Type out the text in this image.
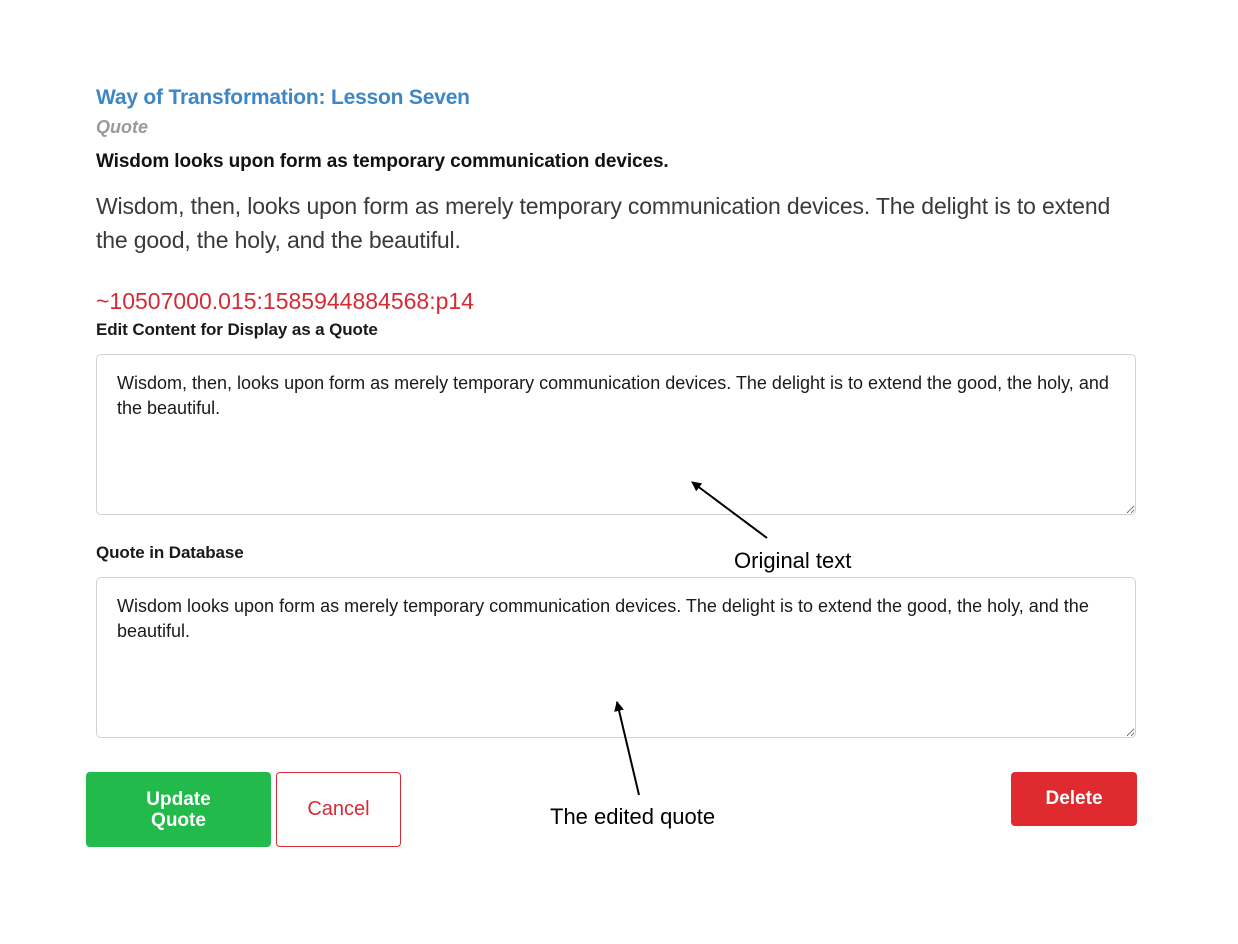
Way of Transformation: Lesson Seven
Quote
Wisdom looks upon form as temporary communication devices.
Wisdom, then, looks upon form as merely temporary communication devices. The delight is to extend the good, the holy, and the beautiful.
~10507000.015:1585944884568:p14
Edit Content for Display as a Quote
Wisdom, then, looks upon form as merely temporary communication devices. The delight is to extend the good, the holy, and the beautiful.
Quote in Database
Wisdom looks upon form as merely temporary communication devices. The delight is to extend the good, the holy, and the beautiful.
Update
Quote	Cancel	Delete
Original text
The edited quote
